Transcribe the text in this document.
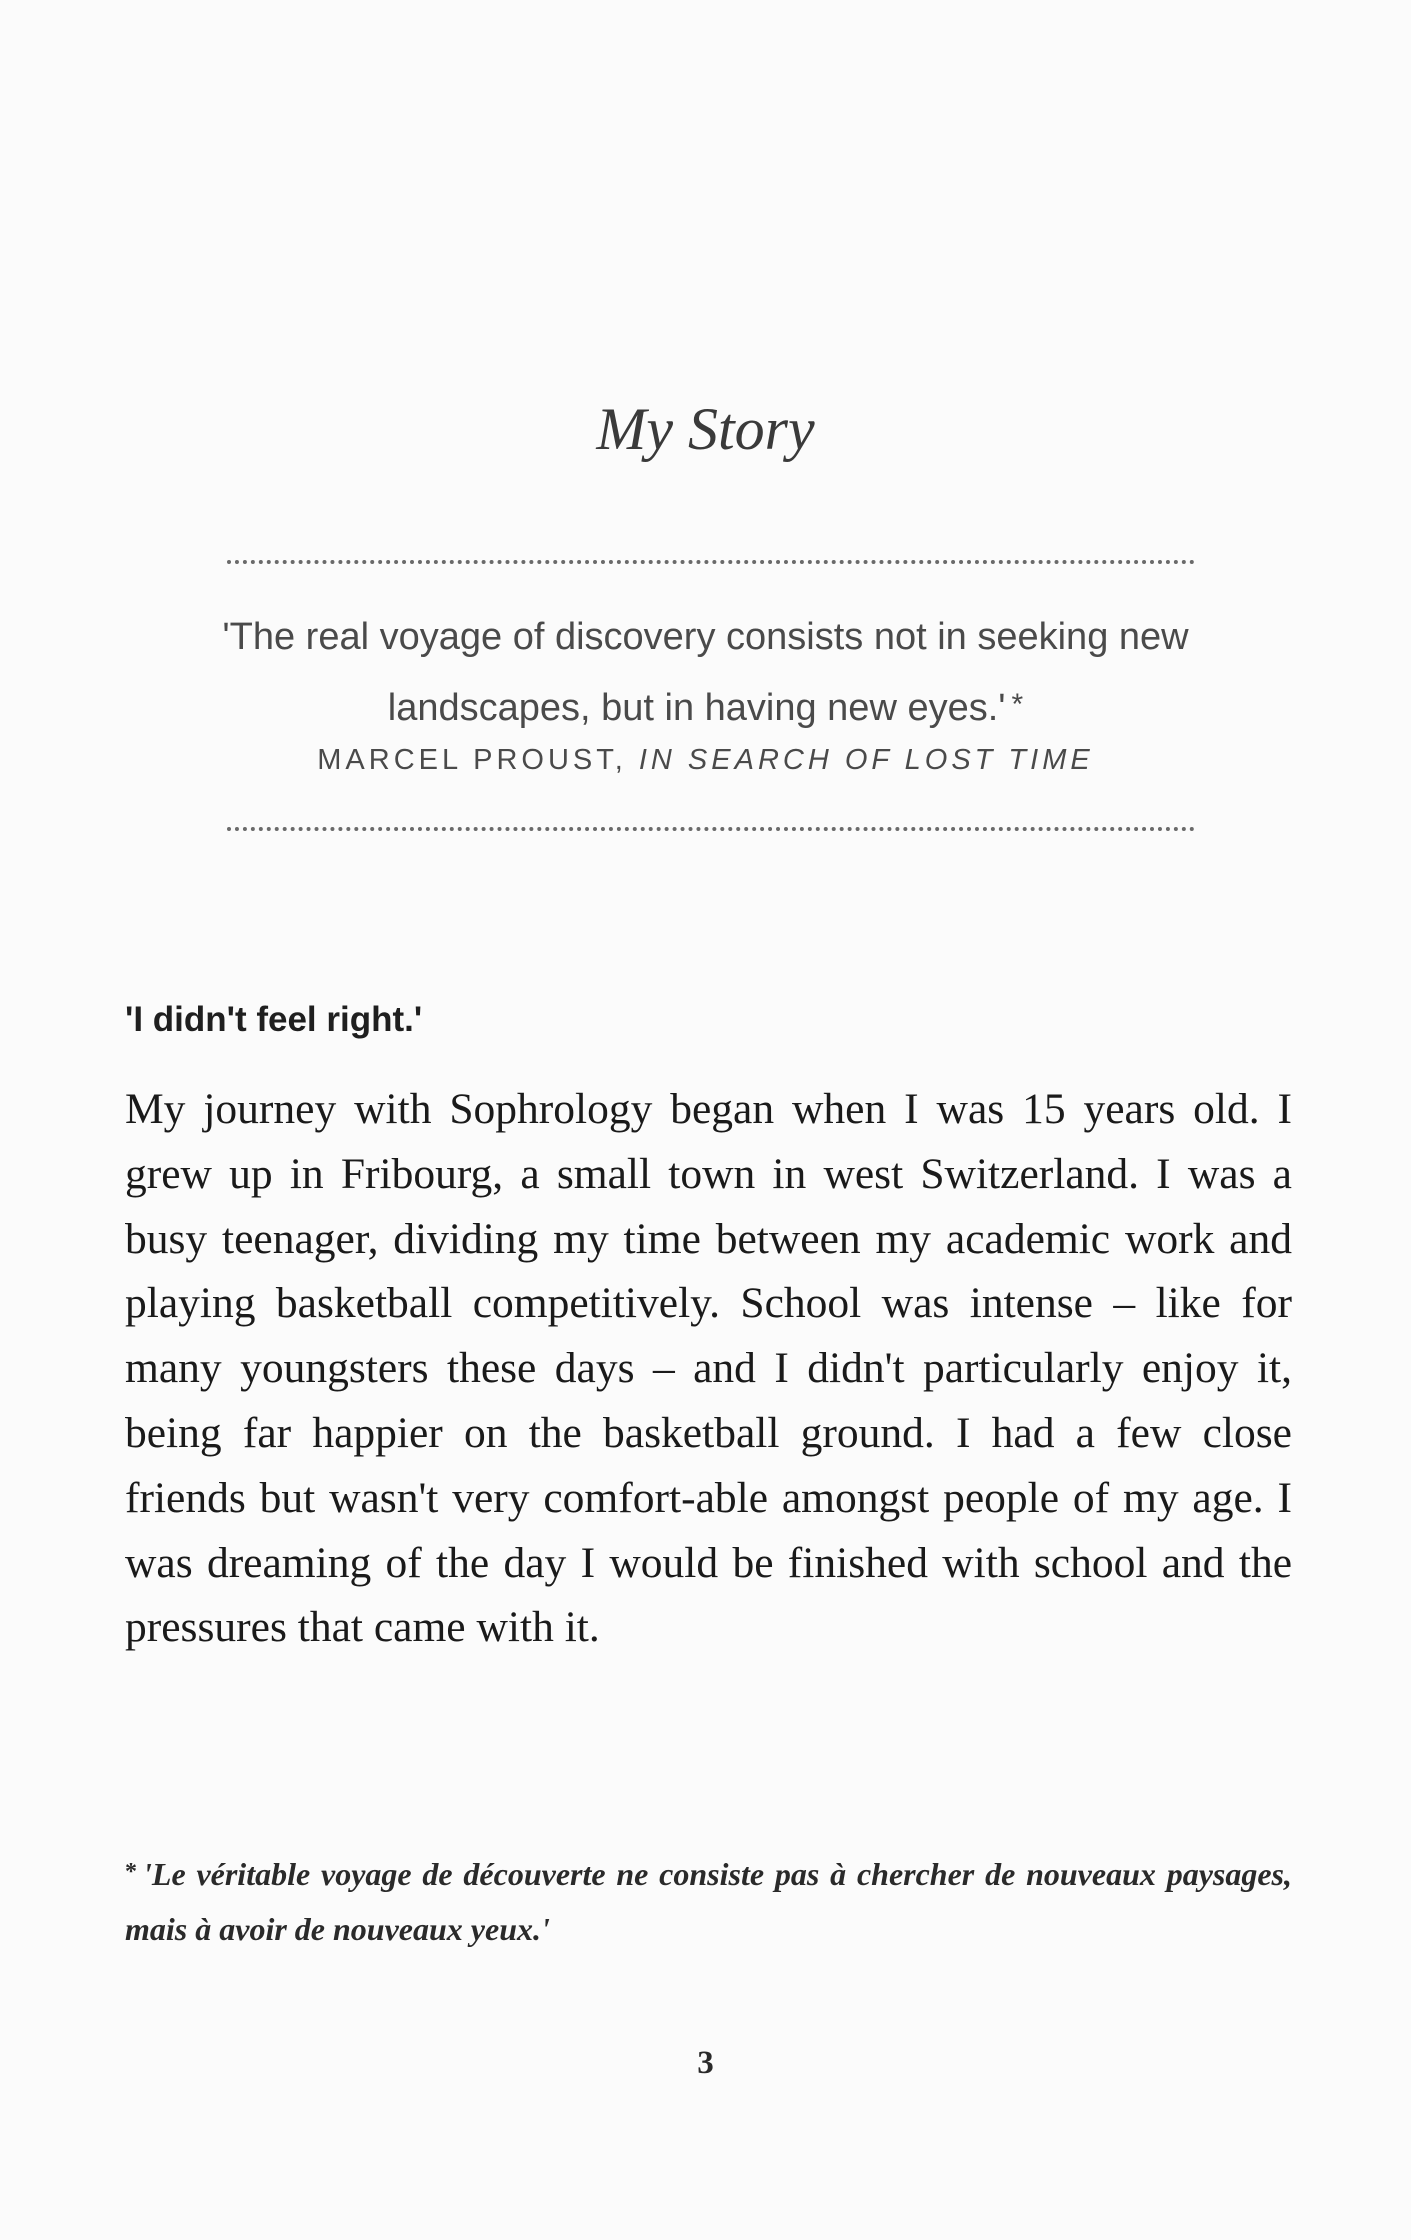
My Story
'The real voyage of discovery consists not in seeking new landscapes, but in having new eyes.' *
MARCEL PROUST, IN SEARCH OF LOST TIME
'I didn't feel right.'

My journey with Sophrology began when I was 15 years old. I grew up in Fribourg, a small town in west Switzerland. I was a busy teenager, dividing my time between my academic work and playing basketball competitively. School was intense – like for many youngsters these days – and I didn't particularly enjoy it, being far happier on the basketball ground. I had a few close friends but wasn't very comfort-able amongst people of my age. I was dreaming of the day I would be finished with school and the pressures that came with it.

* 'Le véritable voyage de découverte ne consiste pas à chercher de nouveaux paysages, mais à avoir de nouveaux yeux.'

3
